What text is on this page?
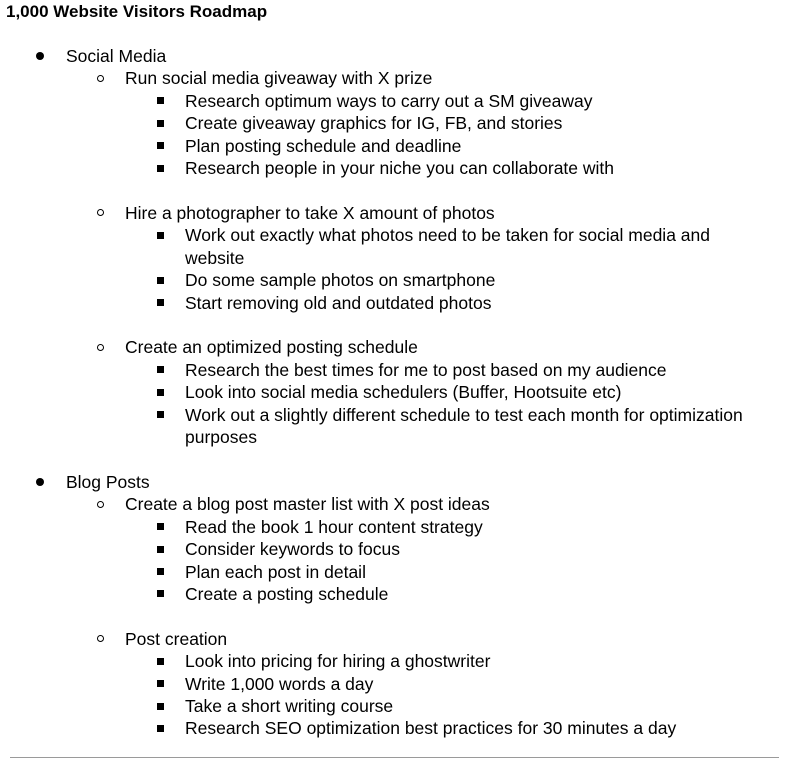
1,000 Website Visitors Roadmap
Social Media
Run social media giveaway with X prize
Research optimum ways to carry out a SM giveaway
Create giveaway graphics for IG, FB, and stories
Plan posting schedule and deadline
Research people in your niche you can collaborate with
Hire a photographer to take X amount of photos
Work out exactly what photos need to be taken for social media and
website
Do some sample photos on smartphone
Start removing old and outdated photos
Create an optimized posting schedule
Research the best times for me to post based on my audience
Look into social media schedulers (Buffer, Hootsuite etc)
Work out a slightly different schedule to test each month for optimization
purposes
Blog Posts
Create a blog post master list with X post ideas
Read the book 1 hour content strategy
Consider keywords to focus
Plan each post in detail
Create a posting schedule
Post creation
Look into pricing for hiring a ghostwriter
Write 1,000 words a day
Take a short writing course
Research SEO optimization best practices for 30 minutes a day
